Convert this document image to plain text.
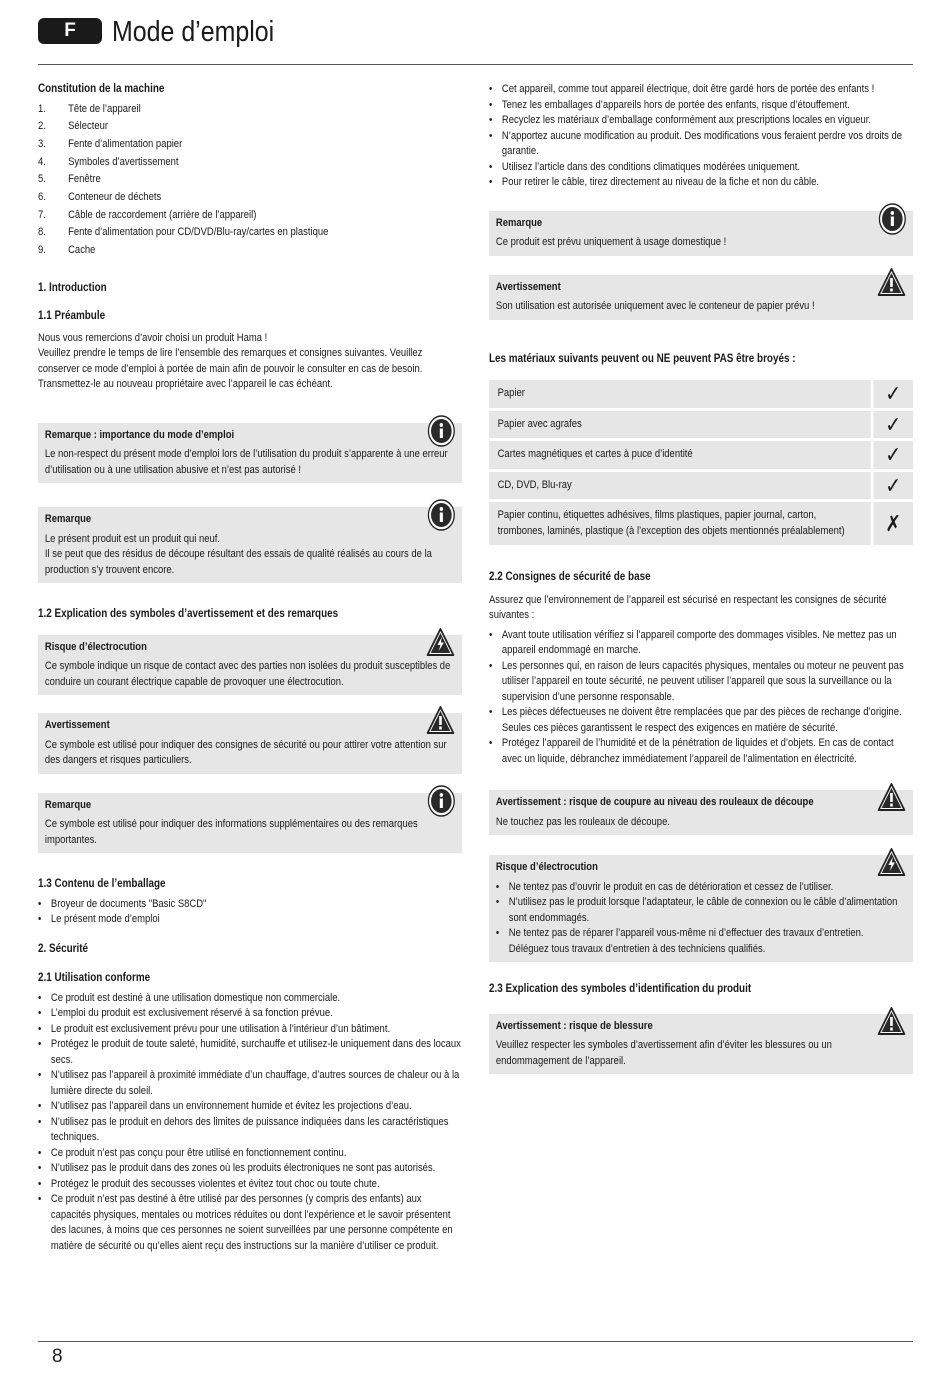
F	Mode d’emploi
Constitution de la machine
1.	Tête de l’appareil
2.	Sélecteur
3.	Fente d’alimentation papier
4.	Symboles d’avertissement
5.	Fenêtre
6.	Conteneur de déchets
7.	Câble de raccordement (arrière de l’appareil)
8.	Fente d’alimentation pour CD/DVD/Blu-ray/cartes en plastique
9.	Cache
1. Introduction
1.1 Préambule

Nous vous remercions d’avoir choisi un produit Hama !

Veuillez prendre le temps de lire l’ensemble des remarques et consignes suivantes. Veuillez conserver ce mode d’emploi à portée de main afin de pouvoir le consulter en cas de besoin. Transmettez-le au nouveau propriétaire avec l’appareil le cas échéant.

Remarque : importance du mode d’emploi

Le non-respect du présent mode d’emploi lors de l’utilisation du produit s’apparente à une erreur d’utilisation ou à une utilisation abusive et n’est pas autorisé !

Remarque

Le présent produit est un produit qui neuf.

Il se peut que des résidus de découpe résultant des essais de qualité réalisés au cours de la production s’y trouvent encore.

1.2 Explication des symboles d’avertissement et des remarques
Risque d’électrocution

Ce symbole indique un risque de contact avec des parties non isolées du produit susceptibles de conduire un courant électrique capable de provoquer une électrocution.

Avertissement

Ce symbole est utilisé pour indiquer des consignes de sécurité ou pour attirer votre attention sur des dangers et risques particuliers.

Remarque

Ce symbole est utilisé pour indiquer des informations supplémentaires ou des remarques importantes.

1.3 Contenu de l’emballage
• Broyeur de documents "Basic S8CD"
• Le présent mode d’emploi
2. Sécurité
2.1 Utilisation conforme
• Ce produit est destiné à une utilisation domestique non commerciale.
• L’emploi du produit est exclusivement réservé à sa fonction prévue.
• Le produit est exclusivement prévu pour une utilisation à l’intérieur d’un bâtiment.
• Protégez le produit de toute saleté, humidité, surchauffe et utilisez-le uniquement dans des locaux secs.
• N’utilisez pas l’appareil à proximité immédiate d’un chauffage, d’autres sources de chaleur ou à la lumière directe du soleil.
• N’utilisez pas l’appareil dans un environnement humide et évitez les projections d’eau.
• N’utilisez pas le produit en dehors des limites de puissance indiquées dans les caractéristiques techniques.
• Ce produit n’est pas conçu pour être utilisé en fonctionnement continu.
• N’utilisez pas le produit dans des zones où les produits électroniques ne sont pas autorisés.
• Protégez le produit des secousses violentes et évitez tout choc ou toute chute.
• Ce produit n’est pas destiné à être utilisé par des personnes (y compris des enfants) aux capacités physiques, mentales ou motrices réduites ou dont l’expérience et le savoir présentent des lacunes, à moins que ces personnes ne soient surveillées par une personne compétente en matière de sécurité ou qu’elles aient reçu des instructions sur la manière d’utiliser ce produit.
• Cet appareil, comme tout appareil électrique, doit être gardé hors de portée des enfants !
• Tenez les emballages d’appareils hors de portée des enfants, risque d’étouffement.
• Recyclez les matériaux d’emballage conformément aux prescriptions locales en vigueur.
• N’apportez aucune modification au produit. Des modifications vous feraient perdre vos droits de garantie.
• Utilisez l’article dans des conditions climatiques modérées uniquement.
• Pour retirer le câble, tirez directement au niveau de la fiche et non du câble.
Remarque

Ce produit est prévu uniquement à usage domestique !

Avertissement

Son utilisation est autorisée uniquement avec le conteneur de papier prévu !

Les matériaux suivants peuvent ou NE peuvent PAS être broyés :
Papier	✓
Papier avec agrafes	✓
Cartes magnétiques et cartes à puce d’identité	✓
CD, DVD, Blu-ray	✓
Papier continu, étiquettes adhésives, films plastiques, papier journal, carton, trombones, laminés, plastique (à l’exception des objets mentionnés préalablement)	✗
2.2 Consignes de sécurité de base

Assurez que l’environnement de l’appareil est sécurisé en respectant les consignes de sécurité suivantes :

• Avant toute utilisation vérifiez si l’appareil comporte des dommages visibles. Ne mettez pas un appareil endommagé en marche.
• Les personnes qui, en raison de leurs capacités physiques, mentales ou moteur ne peuvent pas utiliser l’appareil en toute sécurité, ne peuvent utiliser l’appareil que sous la surveillance ou la supervision d’une personne responsable.
• Les pièces défectueuses ne doivent être remplacées que par des pièces de rechange d’origine. Seules ces pièces garantissent le respect des exigences en matière de sécurité.
• Protégez l’appareil de l’humidité et de la pénétration de liquides et d’objets. En cas de contact avec un liquide, débranchez immédiatement l’appareil de l’alimentation en électricité.
Avertissement : risque de coupure au niveau des rouleaux de découpe

Ne touchez pas les rouleaux de découpe.

Risque d’électrocution
• Ne tentez pas d’ouvrir le produit en cas de détérioration et cessez de l’utiliser.
• N’utilisez pas le produit lorsque l’adaptateur, le câble de connexion ou le câble d’alimentation sont endommagés.
• Ne tentez pas de réparer l’appareil vous-même ni d’effectuer des travaux d’entretien. Déléguez tous travaux d’entretien à des techniciens qualifiés.
2.3 Explication des symboles d’identification du produit
Avertissement : risque de blessure

Veuillez respecter les symboles d’avertissement afin d’éviter les blessures ou un endommagement de l’appareil.

8
